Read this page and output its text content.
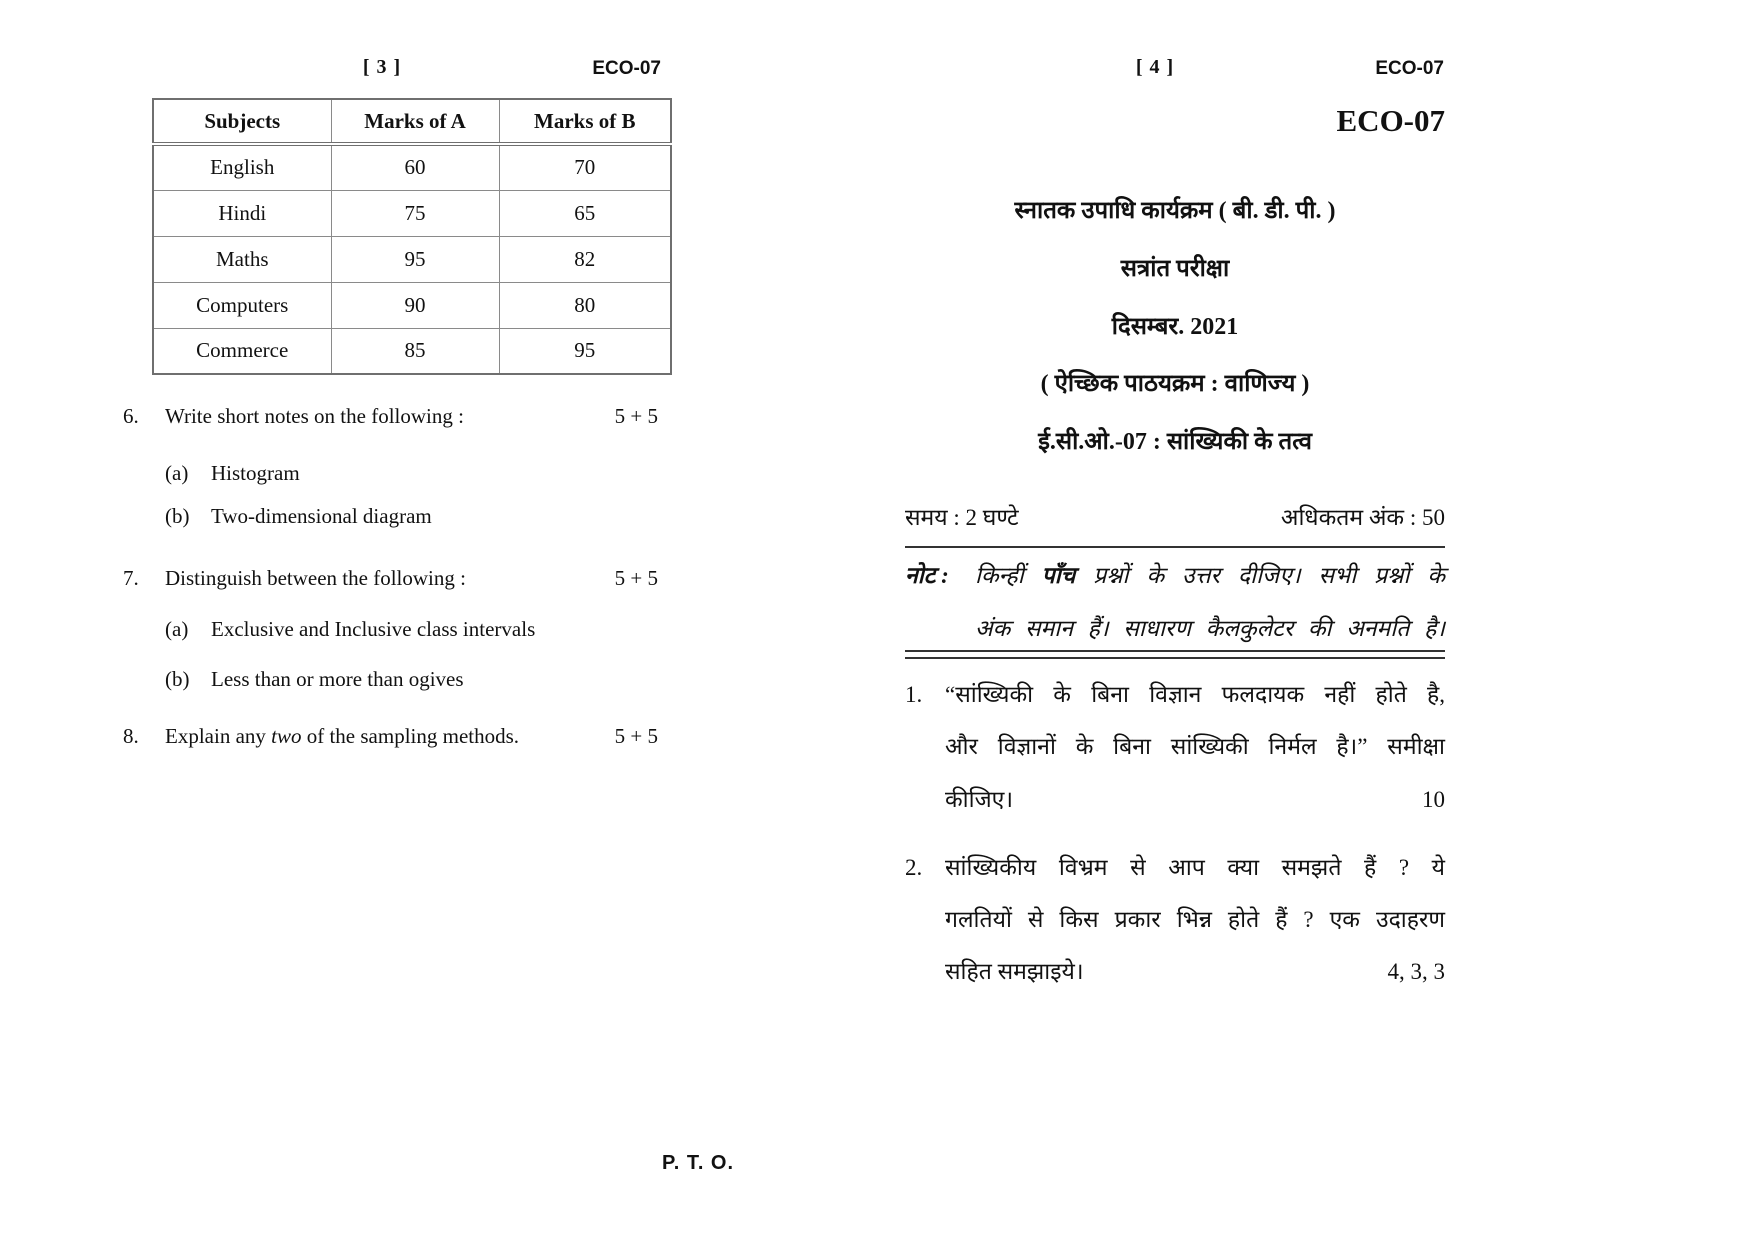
[ 3 ]	ECO-07
Subjects	Marks of A	Marks of B
English	60	70
Hindi	75	65
Maths	95	82
Computers	90	80
Commerce	85	95
6.	Write short notes on the following :	5 + 5
(a)	Histogram
(b)	Two-dimensional diagram
7.	Distinguish between the following :	5 + 5
(a)	Exclusive and Inclusive class intervals
(b)	Less than or more than ogives
8.	Explain any two of the sampling methods.	5 + 5
P. T. O.
[ 4 ]	ECO-07
ECO-07
स्नातक उपाधि कार्यक्रम ( बी. डी. पी. )
सत्रांत परीक्षा
दिसम्बर. 2021
( ऐच्छिक पाठयक्रम : वाणिज्य )
ई.सी.ओ.-07 : सांख्यिकी के तत्व
समय : 2 घण्टे	अधिकतम अंक : 50
नोट :	किन्हीं पाँच प्रश्नों के उत्तर दीजिए। सभी प्रश्नों के
अंक समान हैं। साधारण कैलकुलेटर की अनमति है।
1. “सांख्यिकी के बिना विज्ञान फलदायक नहीं होते है,
और विज्ञानों के बिना सांख्यिकी निर्मल है।” समीक्षा
कीजिए।	10
2. सांख्यिकीय विभ्रम से आप क्या समझते हैं ? ये
गलतियों से किस प्रकार भिन्न होते हैं ? एक उदाहरण
सहित समझाइये।	4, 3, 3
